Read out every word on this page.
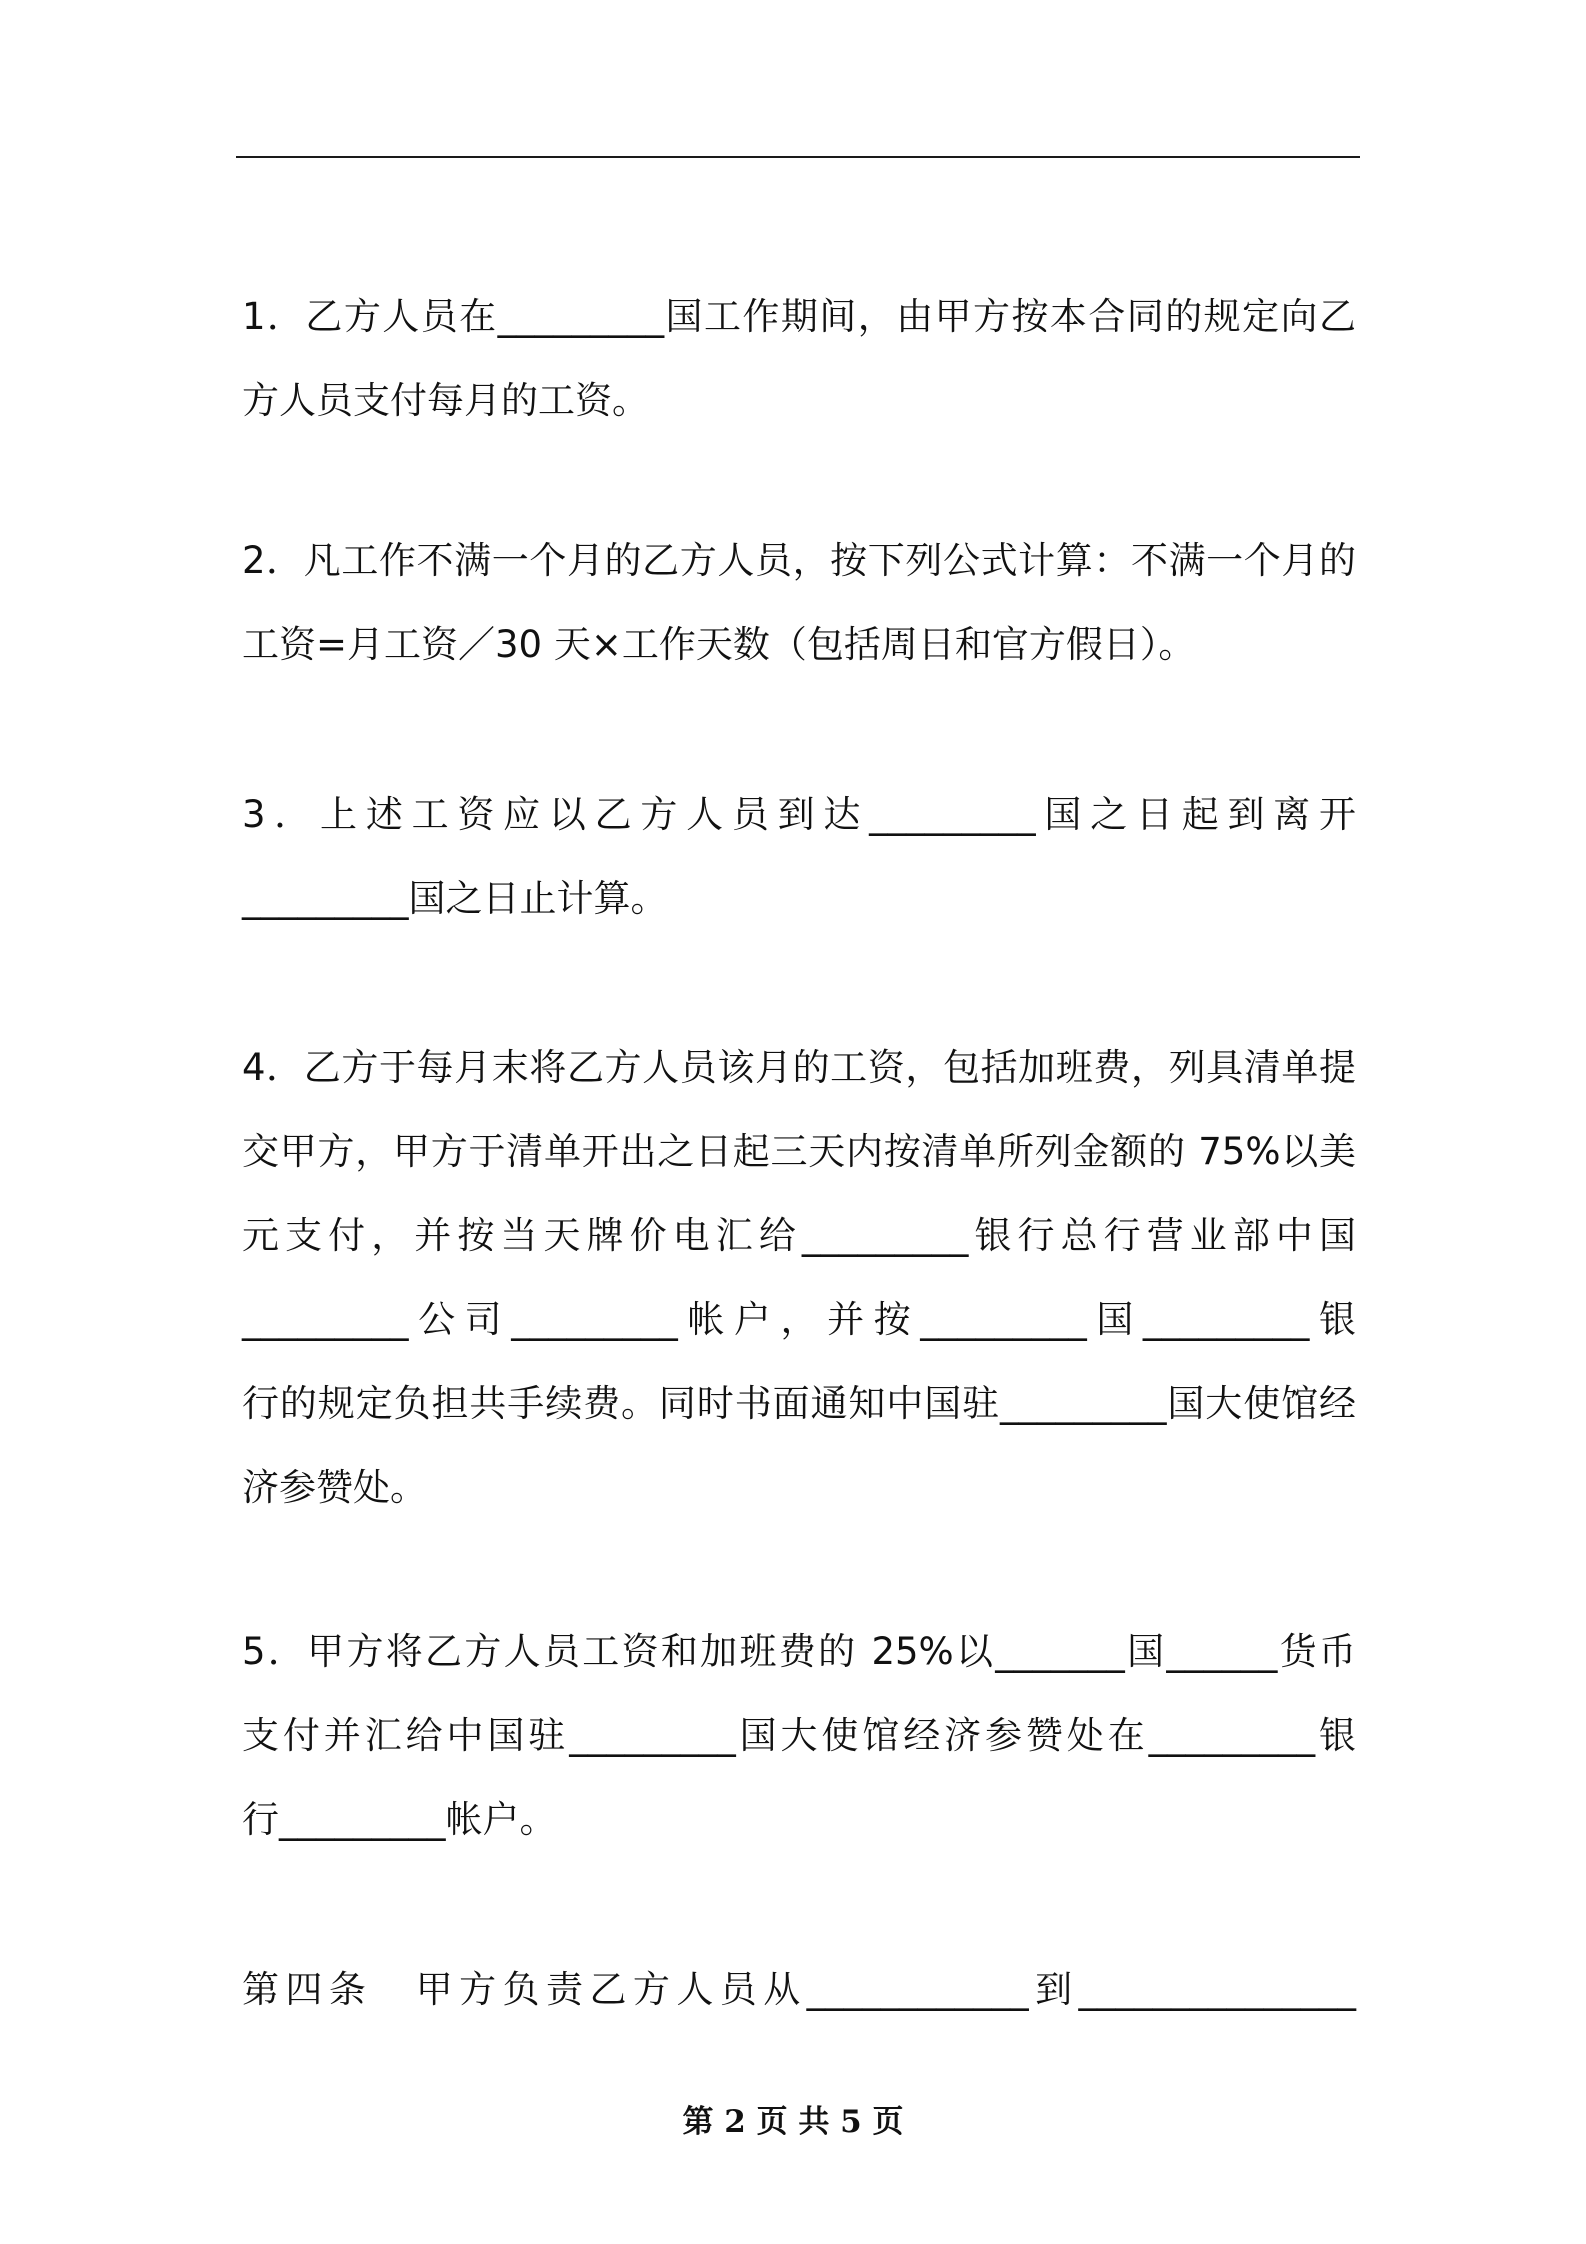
1．乙方人员在_________国工作期间，由甲方按本合同的规定向乙
方人员支付每月的工资。
2．凡工作不满一个月的乙方人员，按下列公式计算：不满一个月的
工资=月工资／30 天×工作天数（包括周日和官方假日）。
3．上述工资应以乙方人员到达_________国之日起到离开
_________国之日止计算。
4．乙方于每月末将乙方人员该月的工资，包括加班费，列具清单提
交甲方，甲方于清单开出之日起三天内按清单所列金额的 75%以美
元支付，并按当天牌价电汇给_________银行总行营业部中国
_________公司_________帐户，并按_________国_________银
行的规定负担共手续费。同时书面通知中国驻_________国大使馆经
济参赞处。
5．甲方将乙方人员工资和加班费的 25%以_______国______货币
支付并汇给中国驻_________国大使馆经济参赞处在_________银
行_________帐户。
第四条　甲方负责乙方人员从____________到_______________
第 2 页 共 5 页
